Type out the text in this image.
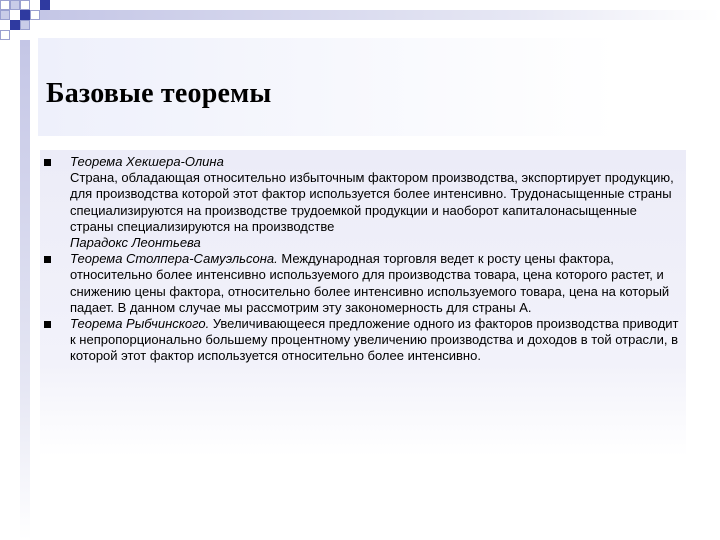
Базовые теоремы
Теорема Хекшера-Олина
Страна, обладающая относительно избыточным фактором производства, экспортирует продукцию, для производства которой этот фактор используется более интенсивно. Трудонасыщенные страны специализируются на производстве трудоемкой продукции и наоборот капиталонасыщенные страны специализируются на производстве
Парадокс Леонтьева
Теорема Столпера-Самуэльсона. Международная торговля ведет к росту цены фактора, относительно более интенсивно используемого для производства товара, цена которого растет, и снижению цены фактора, относительно более интенсивно используемого товара, цена на который падает. В данном случае мы рассмотрим эту закономерность для страны А.
Теорема Рыбчинского. Увеличивающееся предложение одного из факторов производства приводит к непропорционально большему процентному увеличению производства и доходов в той отрасли, в которой этот фактор используется относительно более интенсивно.
